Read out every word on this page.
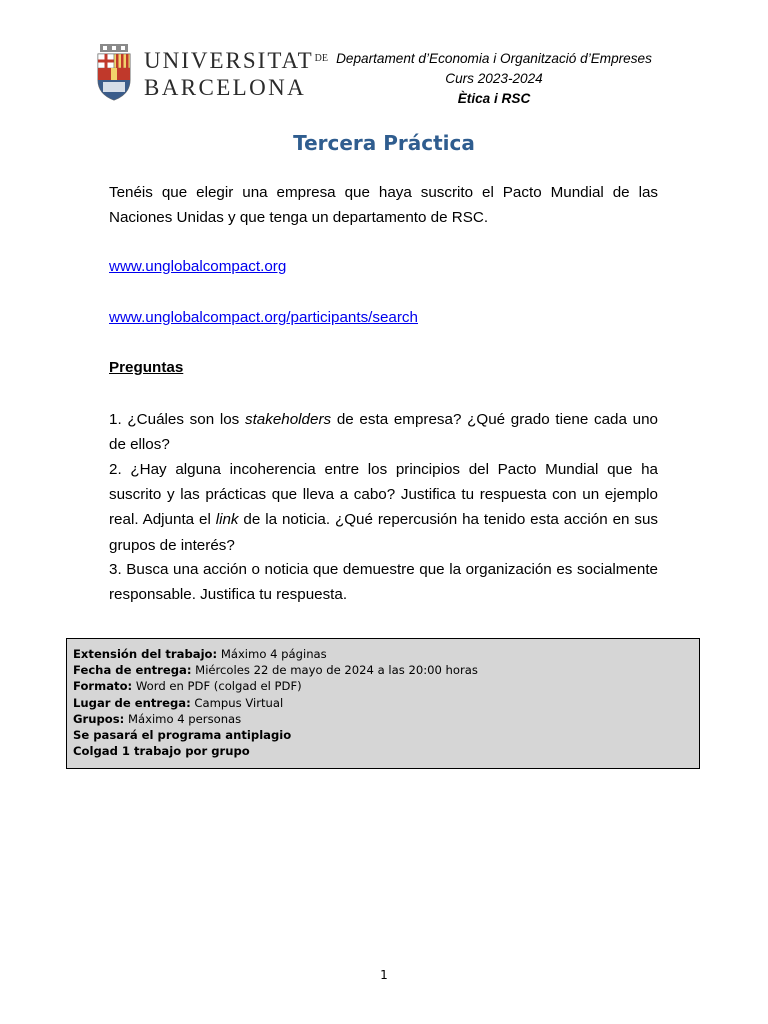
$UNIVERSITAT^{DE}$
BARCELONA
Departament d’Economia i Organització d’Empreses
Curs 2023-2024
Ètica i RSC
Tercera Práctica
Tenéis que elegir una empresa que haya suscrito el Pacto Mundial de las Naciones Unidas y que tenga un departamento de RSC.
www.unglobalcompact.org
www.unglobalcompact.org/participants/search
Preguntas

1. ¿Cuáles son los stakeholders de esta empresa? ¿Qué grado tiene cada uno de ellos?

2. ¿Hay alguna incoherencia entre los principios del Pacto Mundial que ha suscrito y las prácticas que lleva a cabo? Justifica tu respuesta con un ejemplo real. Adjunta el link de la noticia. ¿Qué repercusión ha tenido esta acción en sus grupos de interés?

3. Busca una acción o noticia que demuestre que la organización es socialmente responsable. Justifica tu respuesta.

Extensión del trabajo: Máximo 4 páginas
Fecha de entrega: Miércoles 22 de mayo de 2024 a las 20:00 horas
Formato: Word en PDF (colgad el PDF)
Lugar de entrega: Campus Virtual
Grupos: Máximo 4 personas
Se pasará el programa antiplagio
Colgad 1 trabajo por grupo
1
